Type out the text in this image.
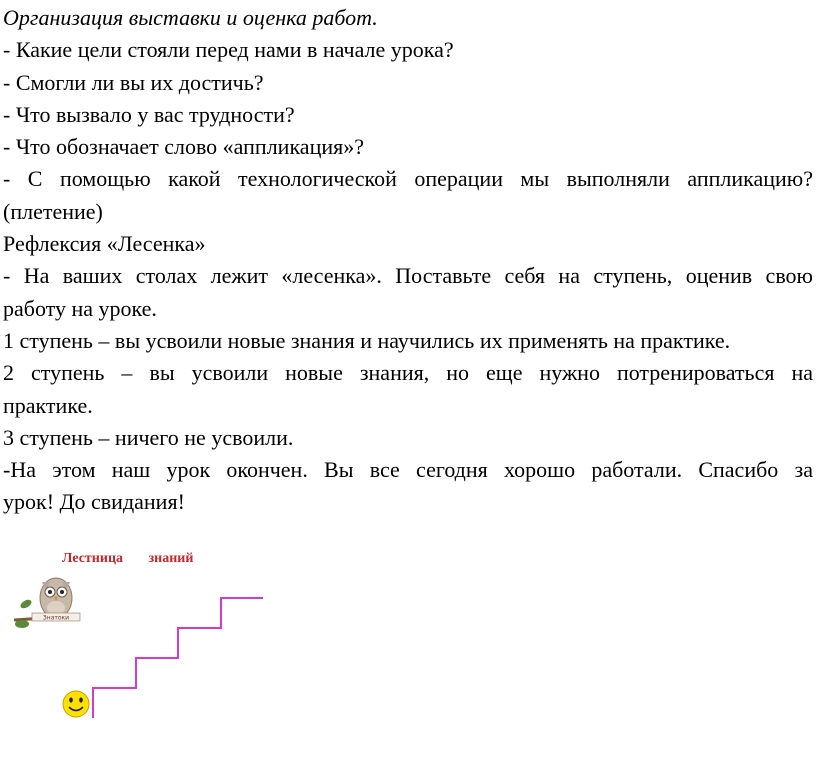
Организация выставки и оценка работ.
- Какие цели стояли перед нами в начале урока?
- Смогли ли вы их достичь?
- Что вызвало у вас трудности?
- Что обозначает слово «аппликация»?
- С помощью какой технологической операции мы выполняли аппликацию?
(плетение)
Рефлексия «Лесенка»
- На ваших столах лежит «лесенка». Поставьте себя на ступень, оценив свою
работу на уроке.
1 ступень – вы усвоили новые знания и научились их применять на практике.
2 ступень – вы усвоили новые знания, но еще нужно потренироваться на
практике.
3 ступень – ничего не усвоили.
-На этом наш урок окончен. Вы все сегодня хорошо работали. Спасибо за
урок! До свидания!
Лестница знаний
Знатоки
